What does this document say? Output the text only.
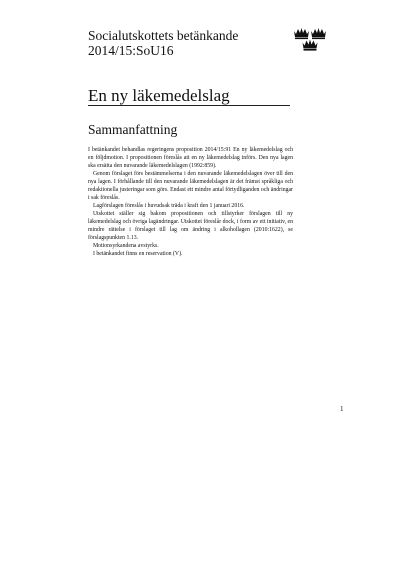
Socialutskottets betänkande
2014/15:SoU16
En ny läkemedelslag
Sammanfattning

I betänkandet behandlas regeringens proposition 2014/15:91 En ny läkemedelslag och en följdmotion. I propositionen föreslås att en ny läkemedelslag införs. Den nya lagen ska ersätta den nuvarande läkemedelslagen (1992:859).

Genom förslaget förs bestämmelserna i den nuvarande läkemedelslagen över till den nya lagen. I förhållande till den nuvarande läkemedelslagen är det främst språkliga och redaktionella justeringar som görs. Endast ett mindre antal förtydliganden och ändringar i sak föreslås.

Lagförslagen föreslås i huvudsak träda i kraft den 1 januari 2016.

Utskottet ställer sig bakom propositionen och tillstyrker förslagen till ny läkemedelslag och övriga lagändringar. Utskottet föreslår dock, i form av ett initiativ, en mindre rättelse i förslaget till lag om ändring i alkohollagen (2010:1622), se förslagspunkten 1.13.

Motionsyrkandena avstyrks.

I betänkandet finns en reservation (V).

1
